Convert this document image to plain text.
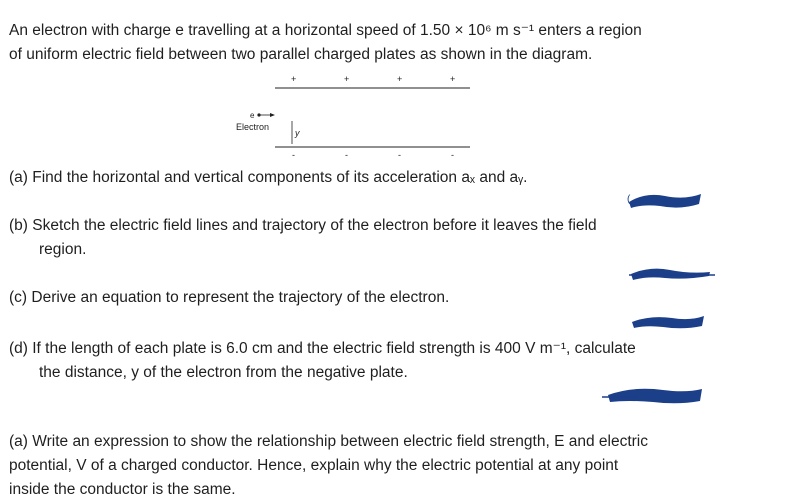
An electron with charge e travelling at a horizontal speed of 1.50 × 10⁶ m s⁻¹ enters a region
of uniform electric field between two parallel charged plates as shown in the diagram.
+	+	+	+
-	-	-	-
e
Electron
y
(a) Find the horizontal and vertical components of its acceleration aₓ and aᵧ.
(
(b) Sketch the electric field lines and trajectory of the electron before it leaves the field
region.
(c) Derive an equation to represent the trajectory of the electron.
(d) If the length of each plate is 6.0 cm and the electric field strength is 400 V m⁻¹, calculate
the distance, y of the electron from the negative plate.
(a) Write an expression to show the relationship between electric field strength, E and electric
potential, V of a charged conductor. Hence, explain why the electric potential at any point
inside the conductor is the same.
